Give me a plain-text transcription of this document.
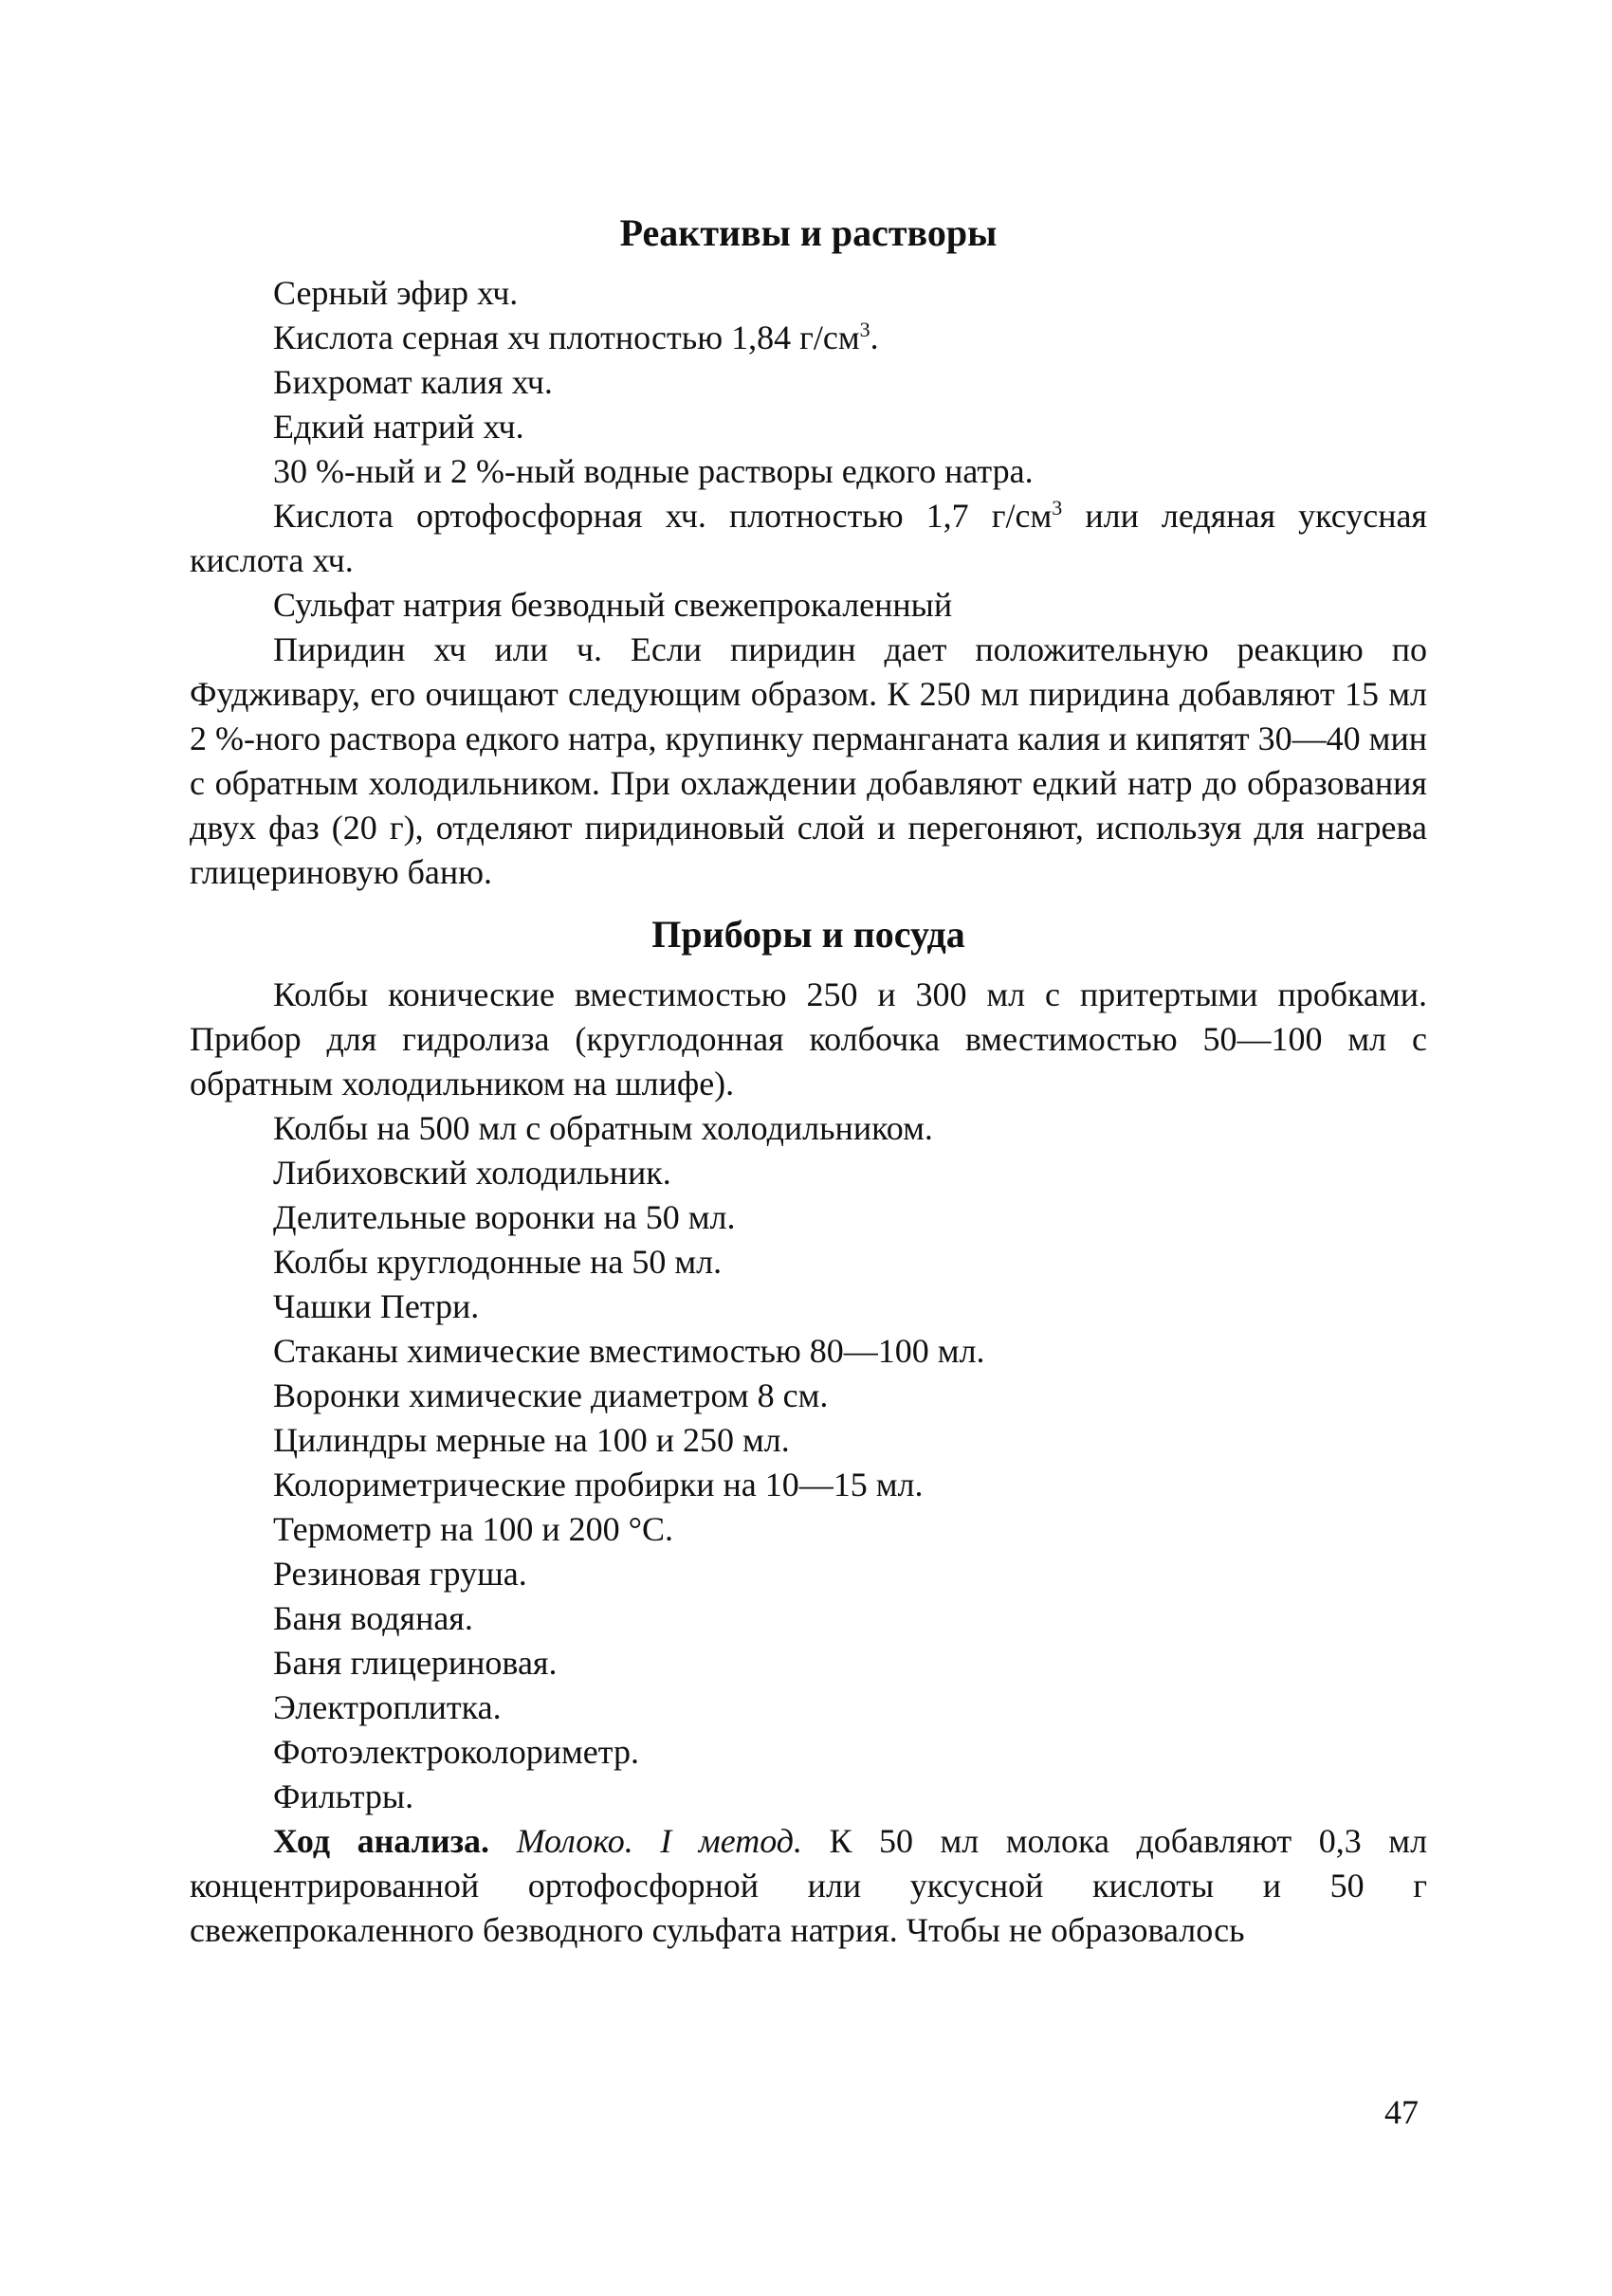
Реактивы и растворы

Серный эфир хч.

Кислота серная хч плотностью 1,84 $г/см^3$.

Бихромат калия хч.

Едкий натрий хч.

30 %-ный и 2 %-ный водные растворы едкого натра.

Кислота ортофосфорная хч. плотностью 1,7 $г/см^3$ или ледяная уксусная кислота хч.

Сульфат натрия безводный свежепрокаленный

Пиридин хч или ч. Если пиридин дает положительную реакцию по Фудживару, его очищают следующим образом. К 250 мл пиридина добавляют 15 мл 2 %-ного раствора едкого натра, крупинку перманганата калия и кипятят 30—40 мин с обратным холодильником. При охлаждении добавляют едкий натр до образования двух фаз (20 г), отделяют пиридиновый слой и перегоняют, используя для нагрева глицериновую баню.

Приборы и посуда

Колбы конические вместимостью 250 и 300 мл с притертыми пробками. Прибор для гидролиза (круглодонная колбочка вместимостью 50—100 мл с обратным холодильником на шлифе).

Колбы на 500 мл с обратным холодильником.

Либиховский холодильник.

Делительные воронки на 50 мл.

Колбы круглодонные на 50 мл.

Чашки Петри.

Стаканы химические вместимостью 80—100 мл.

Воронки химические диаметром 8 см.

Цилиндры мерные на 100 и 250 мл.

Колориметрические пробирки на 10—15 мл.

Термометр на 100 и 200 °С.

Резиновая груша.

Баня водяная.

Баня глицериновая.

Электроплитка.

Фотоэлектроколориметр.

Фильтры.

Ход анализа. Молоко. I метод. К 50 мл молока добавляют 0,3 мл концентрированной ортофосфорной или уксусной кислоты и 50 г свежепрокаленного безводного сульфата натрия. Чтобы не образовалось

47
